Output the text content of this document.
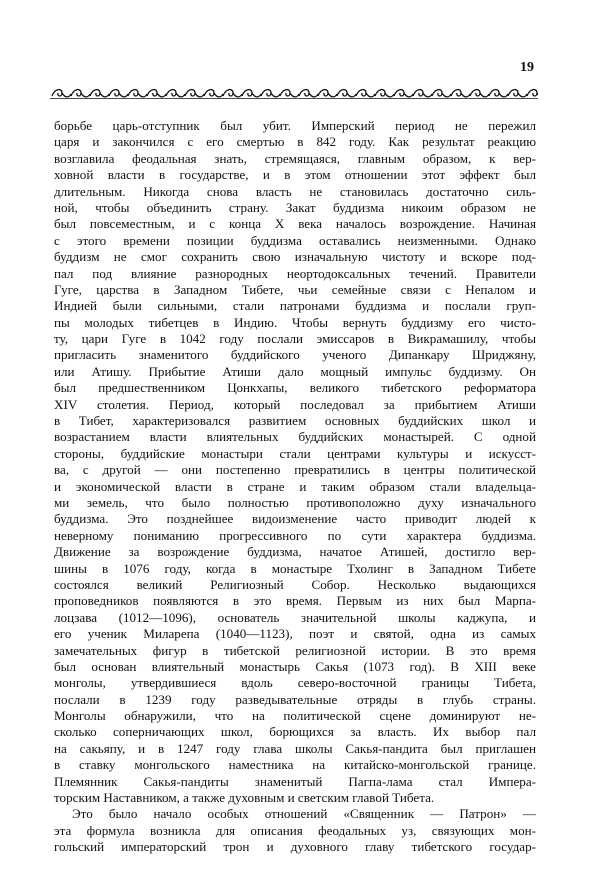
19
борьбе царь-отступник был убит. Имперский период не пережил
царя и закончился с его смертью в 842 году. Как результат реакцию
возглавила феодальная знать, стремящаяся, главным образом, к вер-
ховной власти в государстве, и в этом отношении этот эффект был
длительным. Никогда снова власть не становилась достаточно силь-
ной, чтобы объединить страну. Закат буддизма никоим образом не
был повсеместным, и с конца X века началось возрождение. Начиная
с этого времени позиции буддизма оставались неизменными. Однако
буддизм не смог сохранить свою изначальную чистоту и вскоре под-
пал под влияние разнородных неортодоксальных течений. Правители
Гуге, царства в Западном Тибете, чьи семейные связи с Непалом и
Индией были сильными, стали патронами буддизма и послали груп-
пы молодых тибетцев в Индию. Чтобы вернуть буддизму его чисто-
ту, цари Гуге в 1042 году послали эмиссаров в Викрамашилу, чтобы
пригласить знаменитого буддийского ученого Дипанкару Шриджяну,
или Атишу. Прибытие Атиши дало мощный импульс буддизму. Он
был предшественником Цонкхапы, великого тибетского реформатора
XIV столетия. Период, который последовал за прибытием Атиши
в Тибет, характеризовался развитием основных буддийских школ и
возрастанием власти влиятельных буддийских монастырей. С одной
стороны, буддийские монастыри стали центрами культуры и искусст-
ва, с другой — они постепенно превратились в центры политической
и экономической власти в стране и таким образом стали владельца-
ми земель, что было полностью противоположно духу изначального
буддизма. Это позднейшее видоизменение часто приводит людей к
неверному пониманию прогрессивного по сути характера буддизма.
Движение за возрождение буддизма, начатое Атишей, достигло вер-
шины в 1076 году, когда в монастыре Тхолинг в Западном Тибете
состоялся великий Религиозный Собор. Несколько выдающихся
проповедников появляются в это время. Первым из них был Марпа-
лоцзава (1012—1096), основатель значительной школы каджупа, и
его ученик Миларепа (1040—1123), поэт и святой, одна из самых
замечательных фигур в тибетской религиозной истории. В это время
был основан влиятельный монастырь Сакья (1073 год). В XIII веке
монголы, утвердившиеся вдоль северо-восточной границы Тибета,
послали в 1239 году разведывательные отряды в глубь страны.
Монголы обнаружили, что на политической сцене доминируют не-
сколько соперничающих школ, борющихся за власть. Их выбор пал
на сакьяпу, и в 1247 году глава школы Сакья-пандита был приглашен
в ставку монгольского наместника на китайско-монгольской границе.
Племянник Сакья-пандиты знаменитый Пагпа-лама стал Импера-
торским Наставником, а также духовным и светским главой Тибета.
Это было начало особых отношений «Священник — Патрон» —
эта формула возникла для описания феодальных уз, связующих мон-
гольский императорский трон и духовного главу тибетского государ-
